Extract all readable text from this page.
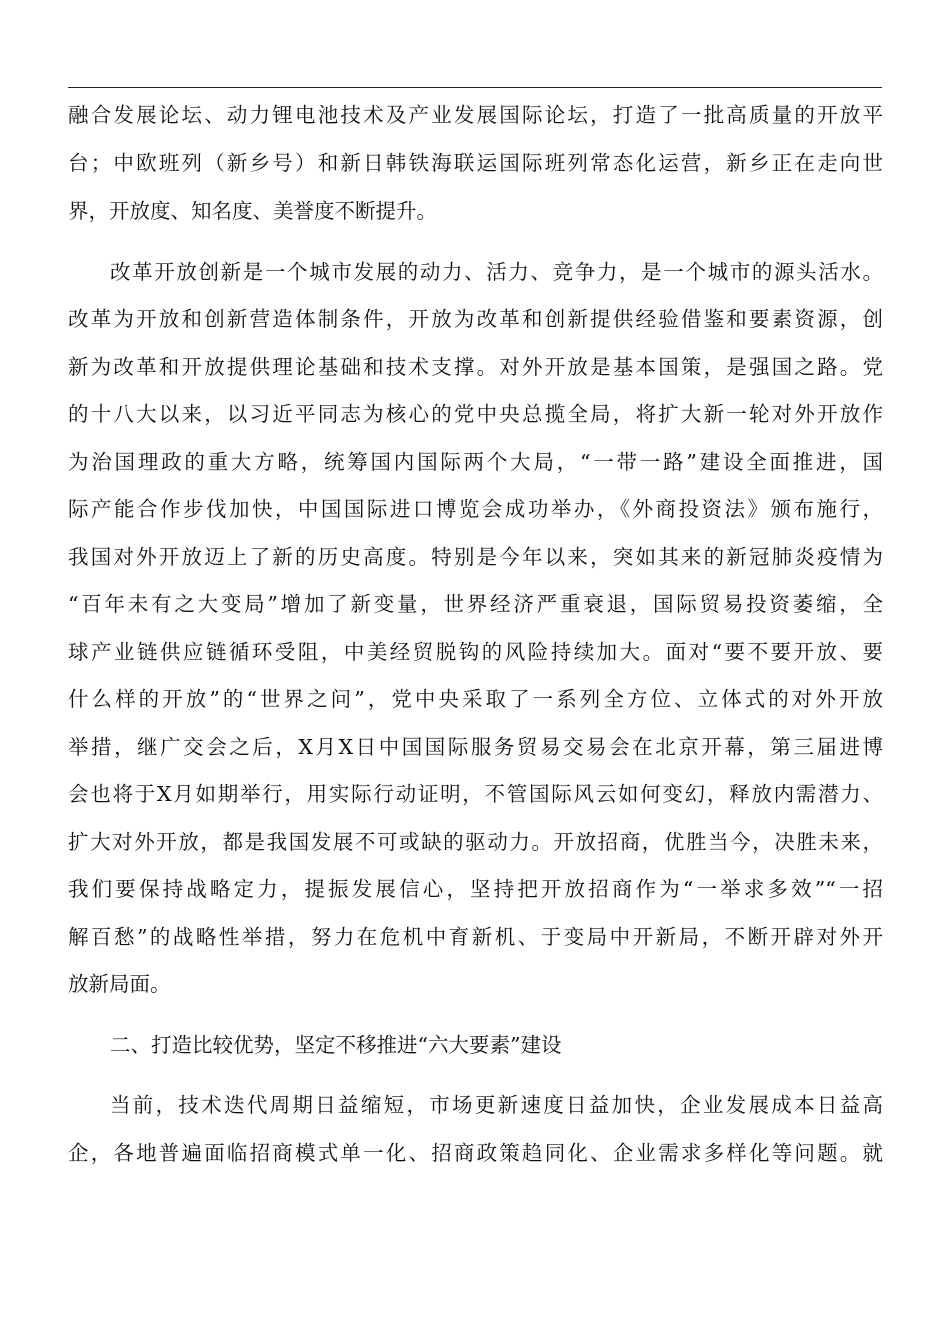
融合发展论坛、动力锂电池技术及产业发展国际论坛，打造了一批高质量的开放平
台；中欧班列（新乡号）和新日韩铁海联运国际班列常态化运营，新乡正在走向世
界，开放度、知名度、美誉度不断提升。
改革开放创新是一个城市发展的动力、活力、竞争力，是一个城市的源头活水。
改革为开放和创新营造体制条件，开放为改革和创新提供经验借鉴和要素资源，创
新为改革和开放提供理论基础和技术支撑。对外开放是基本国策，是强国之路。党
的十八大以来，以习近平同志为核心的党中央总揽全局，将扩大新一轮对外开放作
为治国理政的重大方略，统筹国内国际两个大局，“一带一路”建设全面推进，国
际产能合作步伐加快，中国国际进口博览会成功举办，《外商投资法》颁布施行，
我国对外开放迈上了新的历史高度。特别是今年以来，突如其来的新冠肺炎疫情为
“百年未有之大变局”增加了新变量，世界经济严重衰退，国际贸易投资萎缩，全
球产业链供应链循环受阻，中美经贸脱钩的风险持续加大。面对“要不要开放、要
什么样的开放”的“世界之问”，党中央采取了一系列全方位、立体式的对外开放
举措，继广交会之后，X月X日中国国际服务贸易交易会在北京开幕，第三届进博
会也将于X月如期举行，用实际行动证明，不管国际风云如何变幻，释放内需潜力、
扩大对外开放，都是我国发展不可或缺的驱动力。开放招商，优胜当今，决胜未来，
我们要保持战略定力，提振发展信心，坚持把开放招商作为“一举求多效”“一招
解百愁”的战略性举措，努力在危机中育新机、于变局中开新局，不断开辟对外开
放新局面。
二、打造比较优势，坚定不移推进“六大要素”建设
当前，技术迭代周期日益缩短，市场更新速度日益加快，企业发展成本日益高
企，各地普遍面临招商模式单一化、招商政策趋同化、企业需求多样化等问题。就
